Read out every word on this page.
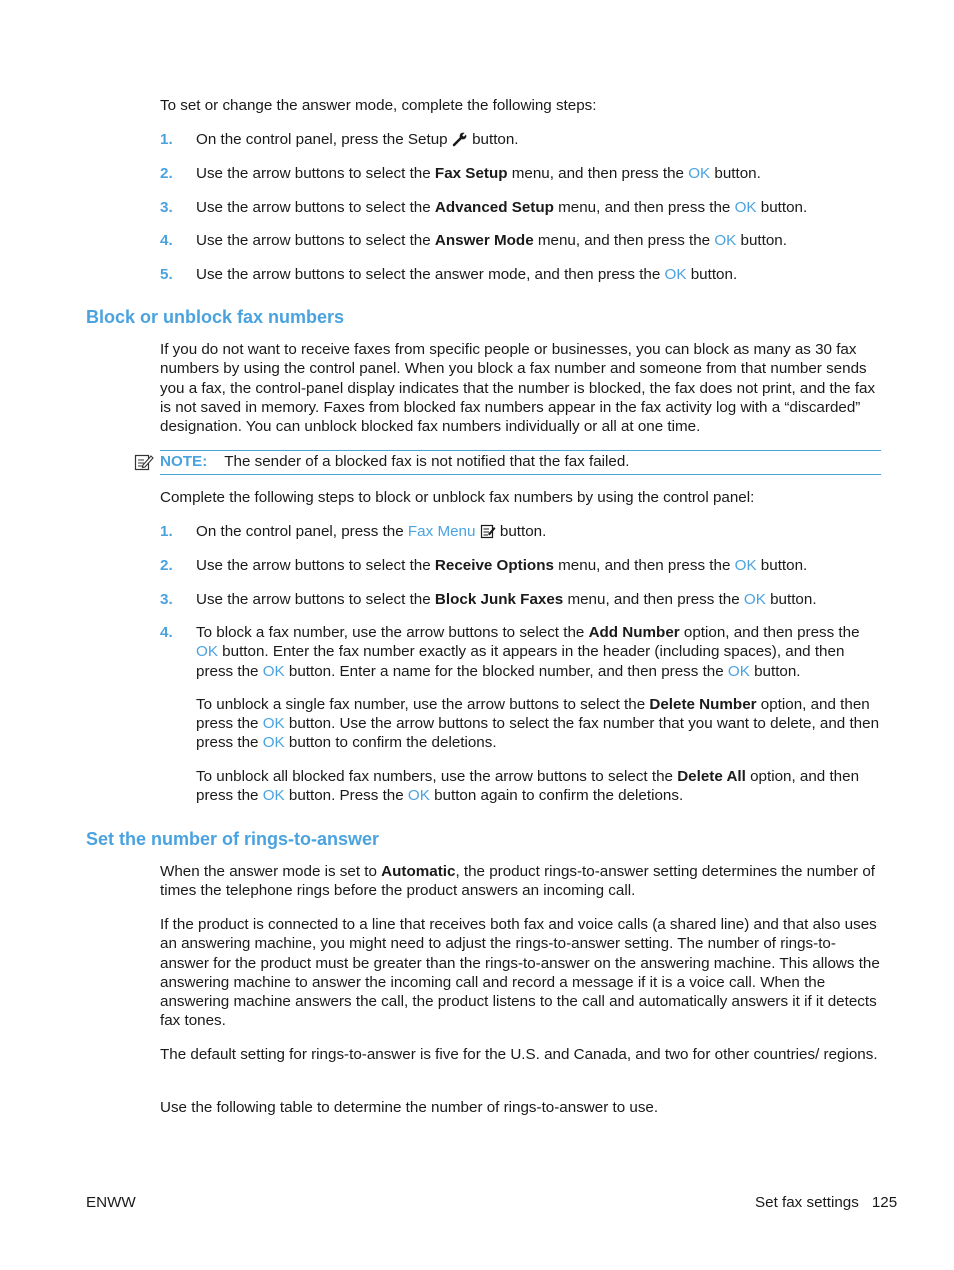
To set or change the answer mode, complete the following steps:

1. On the control panel, press the Setup button.
2. Use the arrow buttons to select the Fax Setup menu, and then press the OK button.
3. Use the arrow buttons to select the Advanced Setup menu, and then press the OK button.
4. Use the arrow buttons to select the Answer Mode menu, and then press the OK button.
5. Use the arrow buttons to select the answer mode, and then press the OK button.
Block or unblock fax numbers

If you do not want to receive faxes from specific people or businesses, you can block as many as 30 fax numbers by using the control panel. When you block a fax number and someone from that number sends you a fax, the control-panel display indicates that the number is blocked, the fax does not print, and the fax is not saved in memory. Faxes from blocked fax numbers appear in the fax activity log with a “discarded” designation. You can unblock blocked fax numbers individually or all at one time.

NOTE: The sender of a blocked fax is not notified that the fax failed.

Complete the following steps to block or unblock fax numbers by using the control panel:

1. On the control panel, press the Fax Menu  button.
2. Use the arrow buttons to select the Receive Options menu, and then press the OK button.
3. Use the arrow buttons to select the Block Junk Faxes menu, and then press the OK button.
4. To block a fax number, use the arrow buttons to select the Add Number option, and then press the OK button. Enter the fax number exactly as it appears in the header (including spaces), and then press the OK button. Enter a name for the blocked number, and then press the OK button.

To unblock a single fax number, use the arrow buttons to select the Delete Number option, and then press the OK button. Use the arrow buttons to select the fax number that you want to delete, and then press the OK button to confirm the deletions.

To unblock all blocked fax numbers, use the arrow buttons to select the Delete All option, and then press the OK button. Press the OK button again to confirm the deletions.

Set the number of rings-to-answer

When the answer mode is set to Automatic, the product rings-to-answer setting determines the number of times the telephone rings before the product answers an incoming call.

If the product is connected to a line that receives both fax and voice calls (a shared line) and that also uses an answering machine, you might need to adjust the rings-to-answer setting. The number of rings-to-answer for the product must be greater than the rings-to-answer on the answering machine. This allows the answering machine to answer the incoming call and record a message if it is a voice call. When the answering machine answers the call, the product listens to the call and automatically answers it if it detects fax tones.

The default setting for rings-to-answer is five for the U.S. and Canada, and two for other countries/ regions.

Use the following table to determine the number of rings-to-answer to use.

ENWW	Set fax settings 125
